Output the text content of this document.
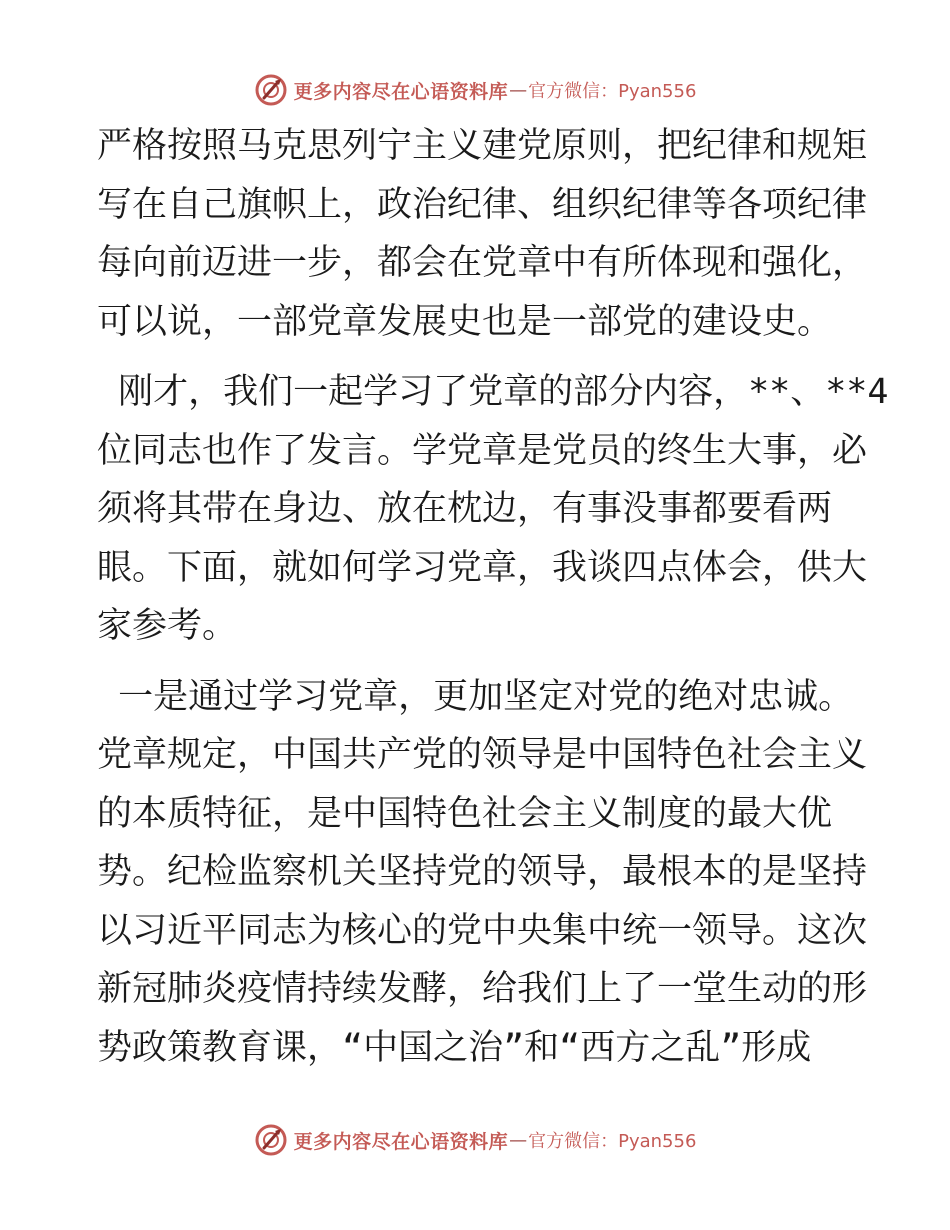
更多内容尽在心语资料库 — 官方微信：Pyan556
严格按照马克思列宁主义建党原则，把纪律和规矩
写在自己旗帜上，政治纪律、组织纪律等各项纪律
每向前迈进一步，都会在党章中有所体现和强化，
可以说，一部党章发展史也是一部党的建设史。
刚才，我们一起学习了党章的部分内容，**、**4
位同志也作了发言。学党章是党员的终生大事，必
须将其带在身边、放在枕边，有事没事都要看两
眼。下面，就如何学习党章，我谈四点体会，供大
家参考。
一是通过学习党章，更加坚定对党的绝对忠诚。
党章规定，中国共产党的领导是中国特色社会主义
的本质特征，是中国特色社会主义制度的最大优
势。纪检监察机关坚持党的领导，最根本的是坚持
以习近平同志为核心的党中央集中统一领导。这次
新冠肺炎疫情持续发酵，给我们上了一堂生动的形
势政策教育课，“中国之治”和“西方之乱”形成
更多内容尽在心语资料库 — 官方微信：Pyan556
